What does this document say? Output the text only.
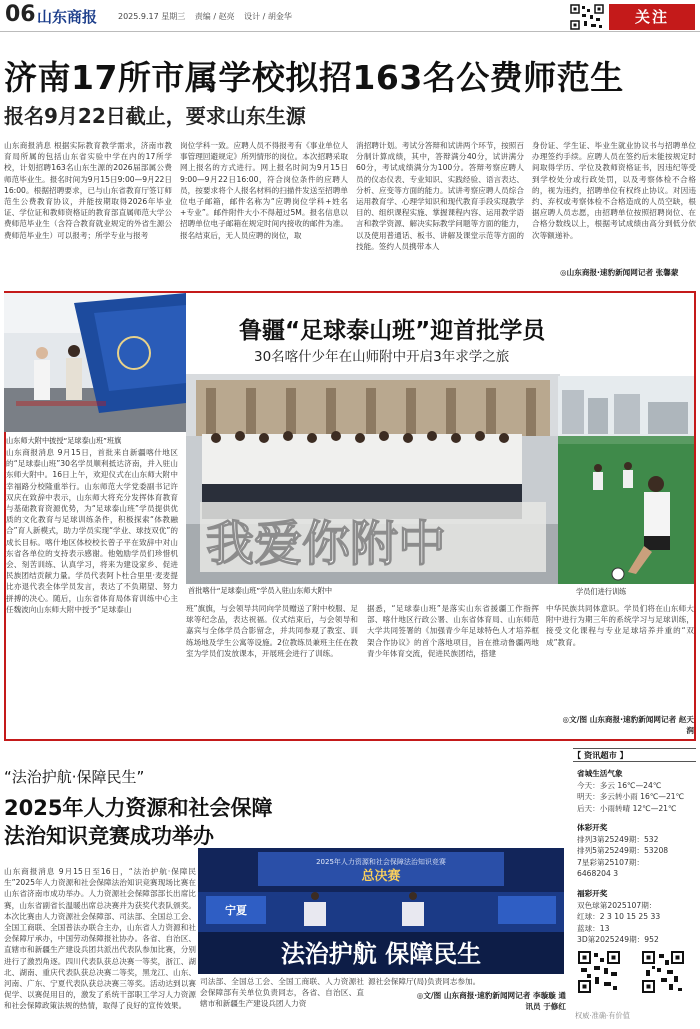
06 山东商报	2025.9.17 星期三 责编 / 赵亮 设计 / 胡金华	关注
济南17所市属学校拟招163名公费师范生
报名9月22日截止，要求山东生源
山东商报消息 根据实际教育教学需求，济南市教育局所属的包括山东省实验中学在内的17所学校，计划招聘163名山东生源的2026届部属公费师范毕业生。报名时间为9月15日9:00—9月22日16:00。根据招聘要求，已与山东省教育厅签订师范生公费教育协议，并能按期取得2026年毕业证、学位证和教师资格证的教育部直属师范大学公费师范毕业生（含符合教育就业规定的外省生源公费师范毕业生）可以报考；所学专业与报考
岗位学科一致。应聘人员不得报考有《事业单位人事管理回避规定》所列情形的岗位。本次招聘采取网上报名的方式进行。网上报名时间为9月15日9:00—9月22日16:00，符合岗位条件的应聘人员，按要求将个人报名材料的扫描件发送至招聘单位电子邮箱，邮件名称为“应聘岗位学科+姓名+专业”。邮件附件大小不得超过5M。报名信息以招聘单位电子邮箱在规定时间内接收的邮件为准。报名结束后，无人员应聘的岗位，取
消招聘计划。考试分答辩和试讲两个环节，按照百分制计算成绩，其中，答辩满分40分，试讲满分60分，考试成绩满分为100分。答辩考察应聘人员的仪态仪表、专业知识、实践经验、语言表达、分析、应变等方面的能力。试讲考察应聘人员综合运用教育学、心理学知识和现代教育手段实现教学目的、组织课程实施、掌握课程内容、运用教学语言和教学资源、解决实际教学问题等方面的能力，以及使用普通话、板书、讲解及课堂示范等方面的技能。签约人员携带本人
身份证、学生证、毕业生就业协议书与招聘单位办理签约手续。应聘人员在签约后未能按规定时间取得学历、学位及教师资格证书，因违纪等受到学校处分或行政处罚，以及考察体检不合格的，视为违约，招聘单位有权终止协议。对因违约、弃权或考察体检不合格造成的人员空缺，根据应聘人员志愿，由招聘单位按照招聘岗位、在合格分数线以上，根据考试成绩由高分到低分依次等额递补。
◎山东商报·速豹新闻网记者 张馨蒙
鲁疆“足球泰山班”迎首批学员
30名喀什少年在山师附中开启3年求学之旅
山东师大附中披授“足球泰山班”班旗
我爱你附中
首批喀什“足球泰山班”学员入驻山东师大附中	学员们进行训练
山东商报消息 9月15日，首批来自新疆喀什地区的“足球泰山班”30名学员顺利抵达济南，并入驻山东师大附中。16日上午，欢迎仪式在山东师大附中幸福路分校隆重举行。山东师范大学党委副书记许双庆在致辞中表示，山东师大将充分发挥体育教育与基础教育资源优势，为“足球泰山班”学员提供优质的文化教育与足球训练条件，积极探索“体教融合”育人新模式，助力学员实现“学业、球技双优”的成长目标。喀什地区体校校长曾子平在致辞中对山东省各单位的支持表示感谢。他勉励学员们珍惜机会、刻苦训练、认真学习，将来为建设家乡、促进民族团结贡献力量。学员代表阿卜杜合里里·麦麦提比亦退代表全体学员发言，表达了不负期望、努力拼搏的决心。随后，山东省体育局体育训练中心主任魏波向山东师大附中授予“足球泰山	班”旗旗，与会领导共同向学员赠送了附中校服、足球等纪念品，表达祝福。仪式结束后，与会领导和嘉宾与全体学员合影留念，并共同参观了教室、训练场地及学生公寓等设施。2位教练员兼班主任在教室为学员们发放课本，开展班会进行了训练。
据悉，“足球泰山班”是落实山东省援疆工作指挥部、喀什地区行政公署、山东省体育局、山东师范大学共同签署的《加强青少年足球特色人才培养框架合作协议》的首个落地项目，旨在推动鲁疆两地青少年体育交流，促进民族团结，搭建
中华民族共同体意识。学员们将在山东师大附中进行为期三年的系统学习与足球训练，接受文化课程与专业足球培养并重的“双成”教育。
◎文/图 山东商报·速豹新闻网记者 赵天润
“法治护航·保障民生”
2025年人力资源和社会保障
法治知识竞赛成功举办
山东商报消息 9月15日至16日，“法治护航·保障民生”2025年人力资源和社会保障法治知识竞赛现场比赛在山东省济南市成功举办。人力资源社会保障部部长出席比赛，山东省副省长温暖出席总决赛并为获奖代表队颁奖。本次比赛由人力资源社会保障部、司法部、全国总工会、全国工商联、全国普法办联合主办，山东省人力资源和社会保障厅承办，中国劳动保障报社协办。各省、自治区、直辖市和新疆生产建设兵团共派出代表队参加比赛，分别进行了激烈角逐。四川代表队获总决赛一等奖，浙江、湖北、湖南、重庆代表队获总决赛二等奖，黑龙江、山东、河南、广东、宁夏代表队获总决赛三等奖。活动达到以赛促学、以赛促用目的，激发了系统干部职工学习人力资源和社会保障政策法规的热情，取得了良好的宣传效果。
2025年人力资源和社会保障法治知识竞赛
总决赛
宁夏
法治护航 保障民生
司法部、全国总工会、全国工商联、人力资源社会保障部有关单位负责同志，各省、自治区、直辖市和新疆生产建设兵团人力资
源社会保障厅(局)负责同志参加。
◎文/图 山东商报·速豹新闻网记者 李璇璇 通讯员 于修红
【 资讯超市 】
省城生活气象
今天：多云 16℃—24℃
明天：多云转小雨 16℃—21℃
后天：小雨转晴 12℃—21℃
体彩开奖
排列3第25249期：532
排列5第25249期：53208
7星彩第25107期：
6468204 3
福彩开奖
双色球第2025107期：
红球：2 3 10 15 25 33
蓝球：13
3D第2025249期：952
权威·准确·有价值
